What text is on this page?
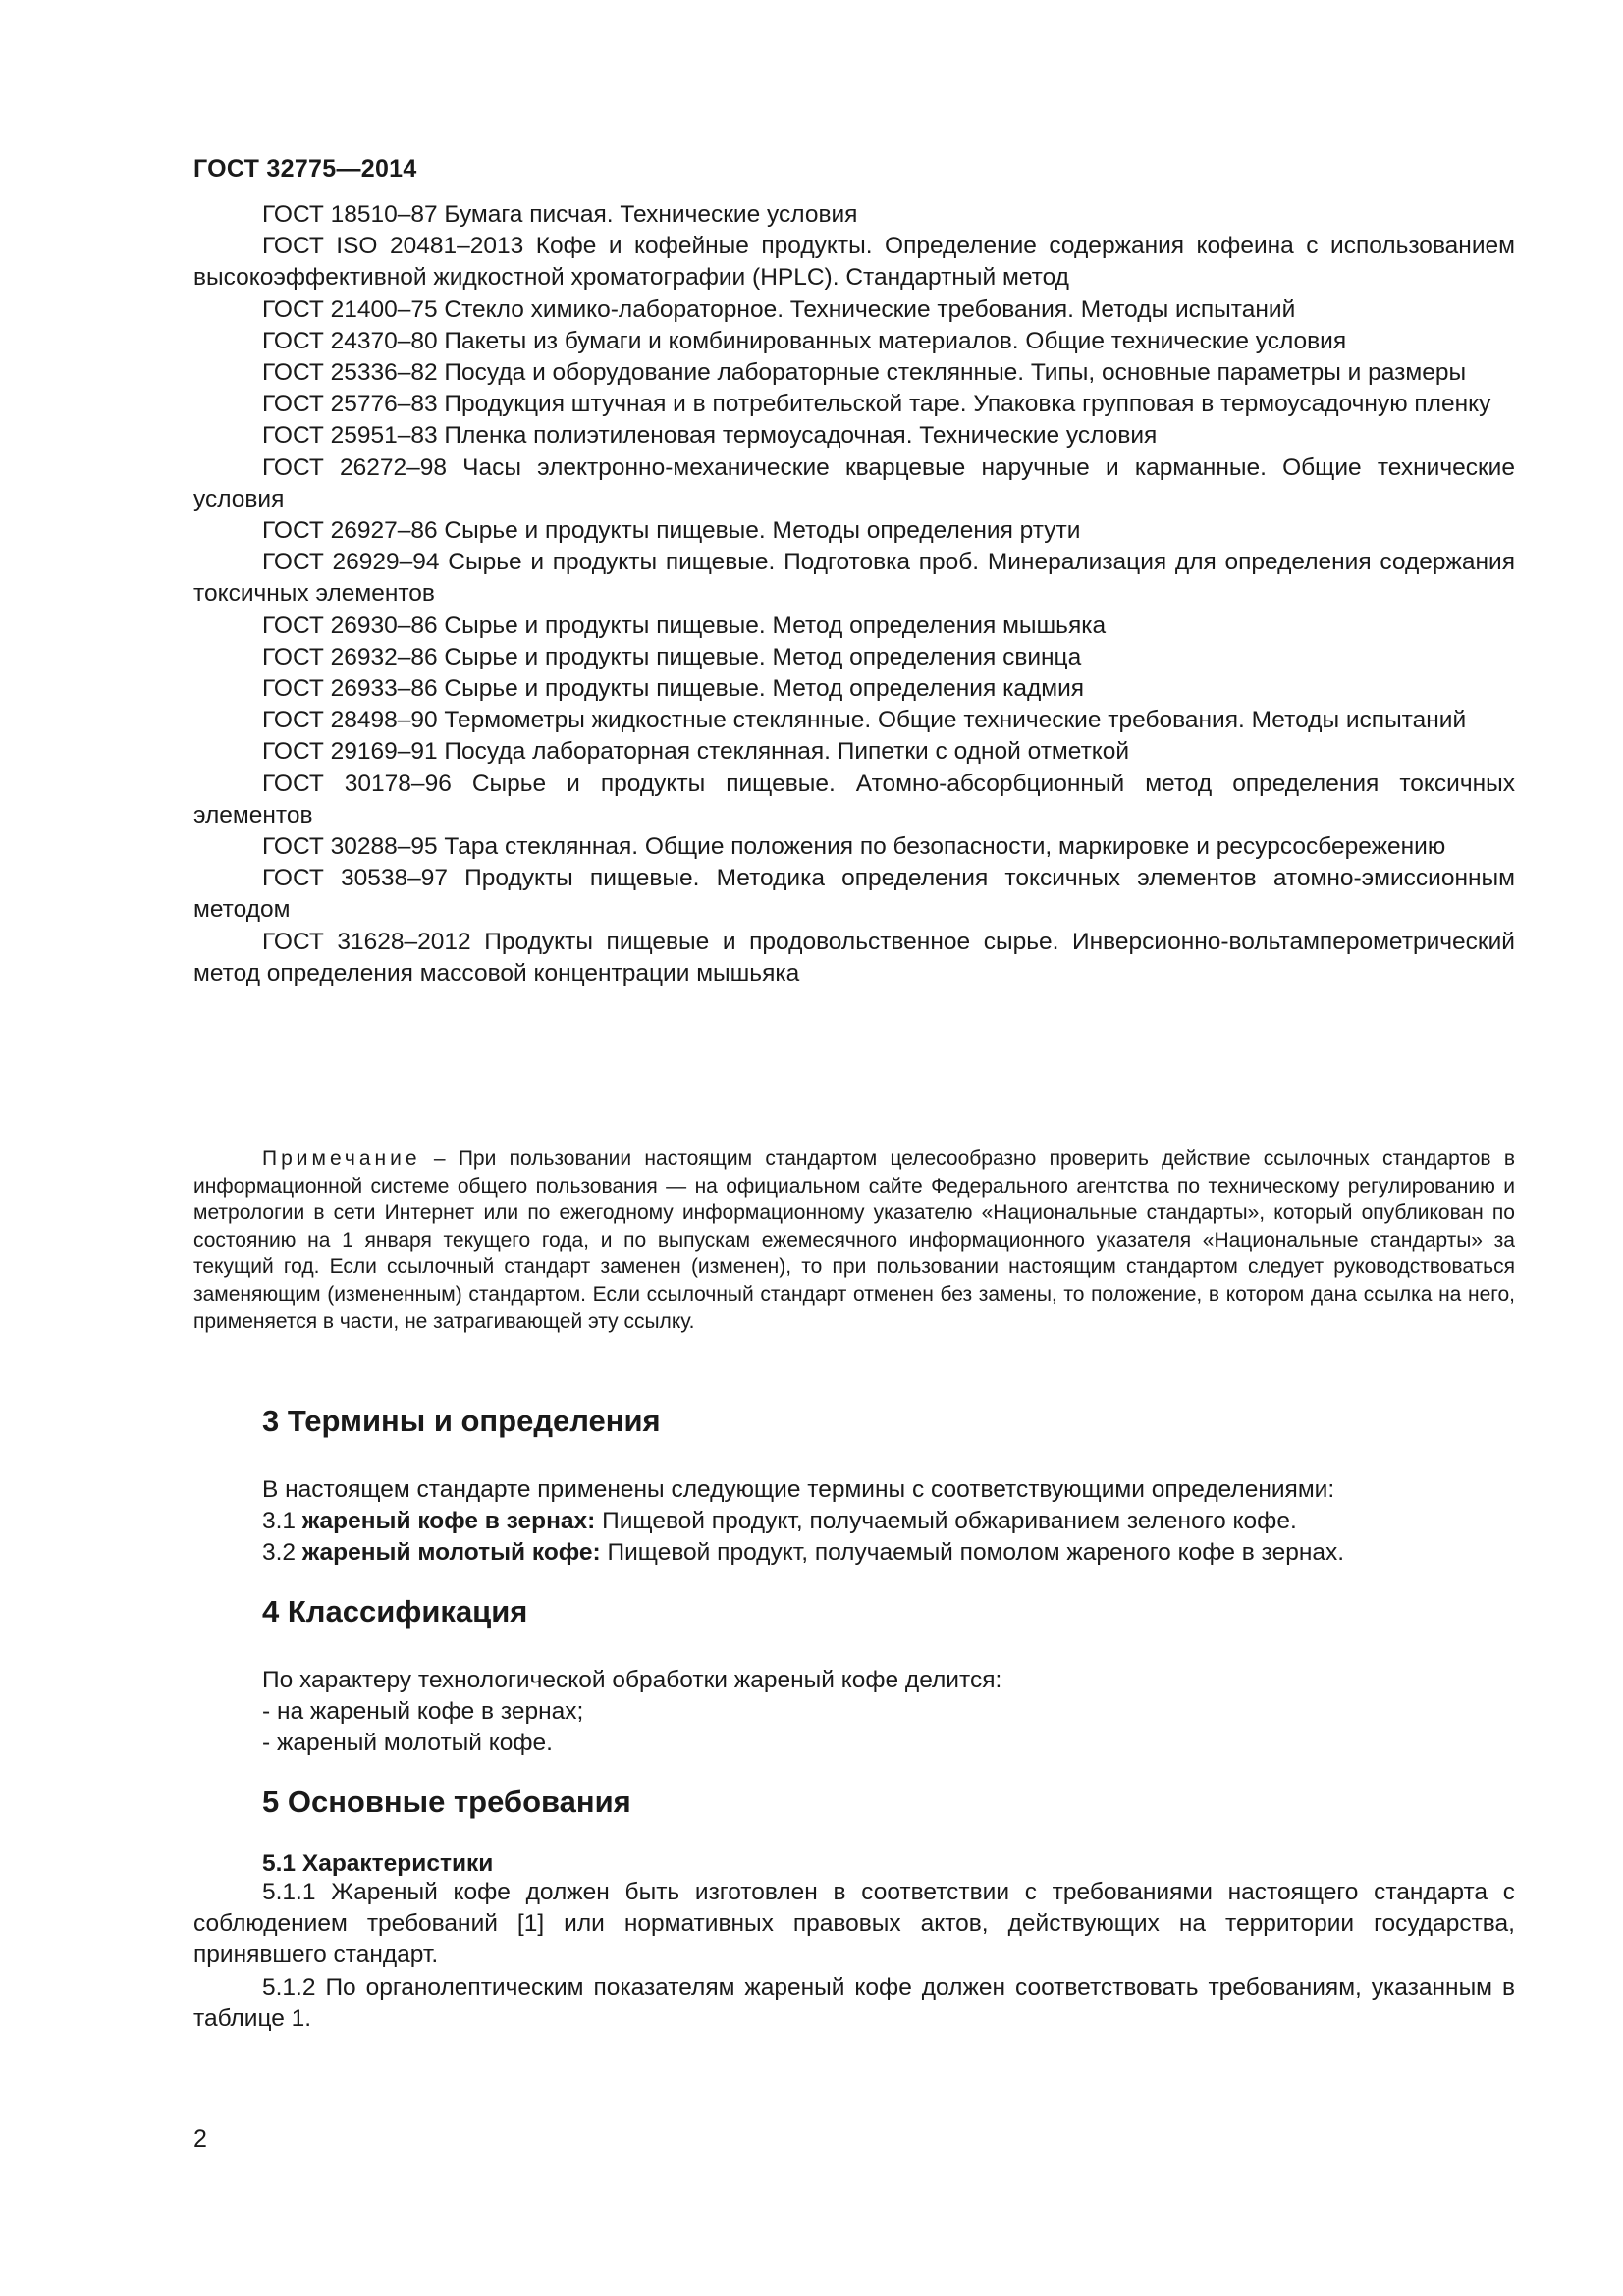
ГОСТ 32775—2014

ГОСТ 18510–87 Бумага писчая. Технические условия

ГОСТ ISO 20481–2013 Кофе и кофейные продукты. Определение содержания кофеина с использованием высокоэффективной жидкостной хроматографии (HPLC). Стандартный метод

ГОСТ 21400–75 Стекло химико-лабораторное. Технические требования. Методы испытаний

ГОСТ 24370–80 Пакеты из бумаги и комбинированных материалов. Общие технические условия

ГОСТ 25336–82 Посуда и оборудование лабораторные стеклянные. Типы, основные параметры и размеры

ГОСТ 25776–83 Продукция штучная и в потребительской таре. Упаковка групповая в термоусадочную пленку

ГОСТ 25951–83 Пленка полиэтиленовая термоусадочная. Технические условия

ГОСТ 26272–98 Часы электронно-механические кварцевые наручные и карманные. Общие технические условия

ГОСТ 26927–86 Сырье и продукты пищевые. Методы определения ртути

ГОСТ 26929–94 Сырье и продукты пищевые. Подготовка проб. Минерализация для определения содержания токсичных элементов

ГОСТ 26930–86 Сырье и продукты пищевые. Метод определения мышьяка

ГОСТ 26932–86 Сырье и продукты пищевые. Метод определения свинца

ГОСТ 26933–86 Сырье и продукты пищевые. Метод определения кадмия

ГОСТ 28498–90 Термометры жидкостные стеклянные. Общие технические требования. Методы испытаний

ГОСТ 29169–91 Посуда лабораторная стеклянная. Пипетки с одной отметкой

ГОСТ 30178–96 Сырье и продукты пищевые. Атомно-абсорбционный метод определения токсичных элементов

ГОСТ 30288–95 Тара стеклянная. Общие положения по безопасности, маркировке и ресурсосбережению

ГОСТ 30538–97 Продукты пищевые. Методика определения токсичных элементов атомно-эмиссионным методом

ГОСТ 31628–2012 Продукты пищевые и продовольственное сырье. Инверсионно-вольтамперометрический метод определения массовой концентрации мышьяка

Примечание – При пользовании настоящим стандартом целесообразно проверить действие ссылочных стандартов в информационной системе общего пользования — на официальном сайте Федерального агентства по техническому регулированию и метрологии в сети Интернет или по ежегодному информационному указателю «Национальные стандарты», который опубликован по состоянию на 1 января текущего года, и по выпускам ежемесячного информационного указателя «Национальные стандарты» за текущий год. Если ссылочный стандарт заменен (изменен), то при пользовании настоящим стандартом следует руководствоваться заменяющим (измененным) стандартом. Если ссылочный стандарт отменен без замены, то положение, в котором дана ссылка на него, применяется в части, не затрагивающей эту ссылку.
3 Термины и определения

В настоящем стандарте применены следующие термины с соответствующими определениями:

3.1 жареный кофе в зернах: Пищевой продукт, получаемый обжариванием зеленого кофе.

3.2 жареный молотый кофе: Пищевой продукт, получаемый помолом жареного кофе в зернах.

4 Классификация

По характеру технологической обработки жареный кофе делится:

- на жареный кофе в зернах;

- жареный молотый кофе.

5 Основные требования
5.1 Характеристики

5.1.1 Жареный кофе должен быть изготовлен в соответствии с требованиями настоящего стандарта с соблюдением требований [1] или нормативных правовых актов, действующих на территории государства, принявшего стандарт.

5.1.2 По органолептическим показателям жареный кофе должен соответствовать требованиям, указанным в таблице 1.

2
